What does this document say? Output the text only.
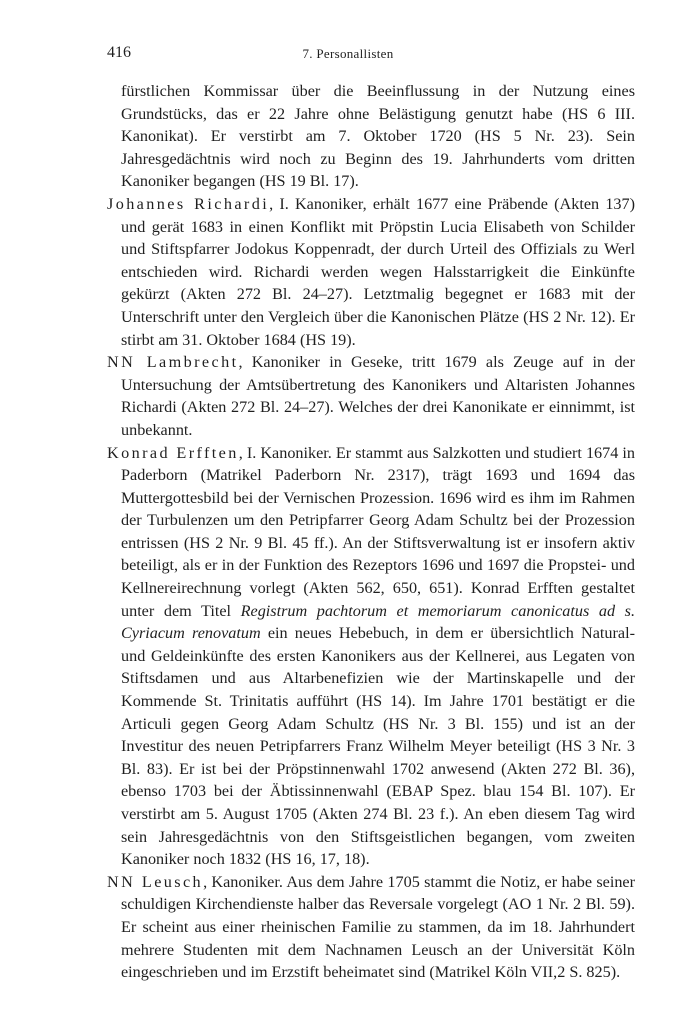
416	7. Personallisten

fürstlichen Kommissar über die Beeinflussung in der Nutzung eines Grundstücks, das er 22 Jahre ohne Belästigung genutzt habe (HS 6 III. Kanonikat). Er verstirbt am 7. Oktober 1720 (HS 5 Nr. 23). Sein Jahresgedächtnis wird noch zu Beginn des 19. Jahrhunderts vom dritten Kanoniker begangen (HS 19 Bl. 17).

Johannes Richardi, I. Kanoniker, erhält 1677 eine Präbende (Akten 137) und gerät 1683 in einen Konflikt mit Pröpstin Lucia Elisabeth von Schilder und Stiftspfarrer Jodokus Koppenradt, der durch Urteil des Offizials zu Werl entschieden wird. Richardi werden wegen Halsstarrigkeit die Einkünfte gekürzt (Akten 272 Bl. 24–27). Letztmalig begegnet er 1683 mit der Unterschrift unter den Vergleich über die Kanonischen Plätze (HS 2 Nr. 12). Er stirbt am 31. Oktober 1684 (HS 19).

NN Lambrecht, Kanoniker in Geseke, tritt 1679 als Zeuge auf in der Untersuchung der Amtsübertretung des Kanonikers und Altaristen Johannes Richardi (Akten 272 Bl. 24–27). Welches der drei Kanonikate er einnimmt, ist unbekannt.

Konrad Erfften, I. Kanoniker. Er stammt aus Salzkotten und studiert 1674 in Paderborn (Matrikel Paderborn Nr. 2317), trägt 1693 und 1694 das Muttergottesbild bei der Vernischen Prozession. 1696 wird es ihm im Rahmen der Turbulenzen um den Petripfarrer Georg Adam Schultz bei der Prozession entrissen (HS 2 Nr. 9 Bl. 45 ff.). An der Stiftsverwaltung ist er insofern aktiv beteiligt, als er in der Funktion des Rezeptors 1696 und 1697 die Propstei- und Kellnereirechnung vorlegt (Akten 562, 650, 651). Konrad Erfften gestaltet unter dem Titel Registrum pachtorum et memoriarum canonicatus ad s. Cyriacum renovatum ein neues Hebebuch, in dem er übersichtlich Natural- und Geldeinkünfte des ersten Kanonikers aus der Kellnerei, aus Legaten von Stiftsdamen und aus Altarbenefizien wie der Martinskapelle und der Kommende St. Trinitatis aufführt (HS 14). Im Jahre 1701 bestätigt er die Articuli gegen Georg Adam Schultz (HS Nr. 3 Bl. 155) und ist an der Investitur des neuen Petripfarrers Franz Wilhelm Meyer beteiligt (HS 3 Nr. 3 Bl. 83). Er ist bei der Pröpstinnenwahl 1702 anwesend (Akten 272 Bl. 36), ebenso 1703 bei der Äbtissinnenwahl (EBAP Spez. blau 154 Bl. 107). Er verstirbt am 5. August 1705 (Akten 274 Bl. 23 f.). An eben diesem Tag wird sein Jahresgedächtnis von den Stiftsgeistlichen begangen, vom zweiten Kanoniker noch 1832 (HS 16, 17, 18).

NN Leusch, Kanoniker. Aus dem Jahre 1705 stammt die Notiz, er habe seiner schuldigen Kirchendienste halber das Reversale vorgelegt (AO 1 Nr. 2 Bl. 59). Er scheint aus einer rheinischen Familie zu stammen, da im 18. Jahrhundert mehrere Studenten mit dem Nachnamen Leusch an der Universität Köln eingeschrieben und im Erzstift beheimatet sind (Matrikel Köln VII,2 S. 825).
